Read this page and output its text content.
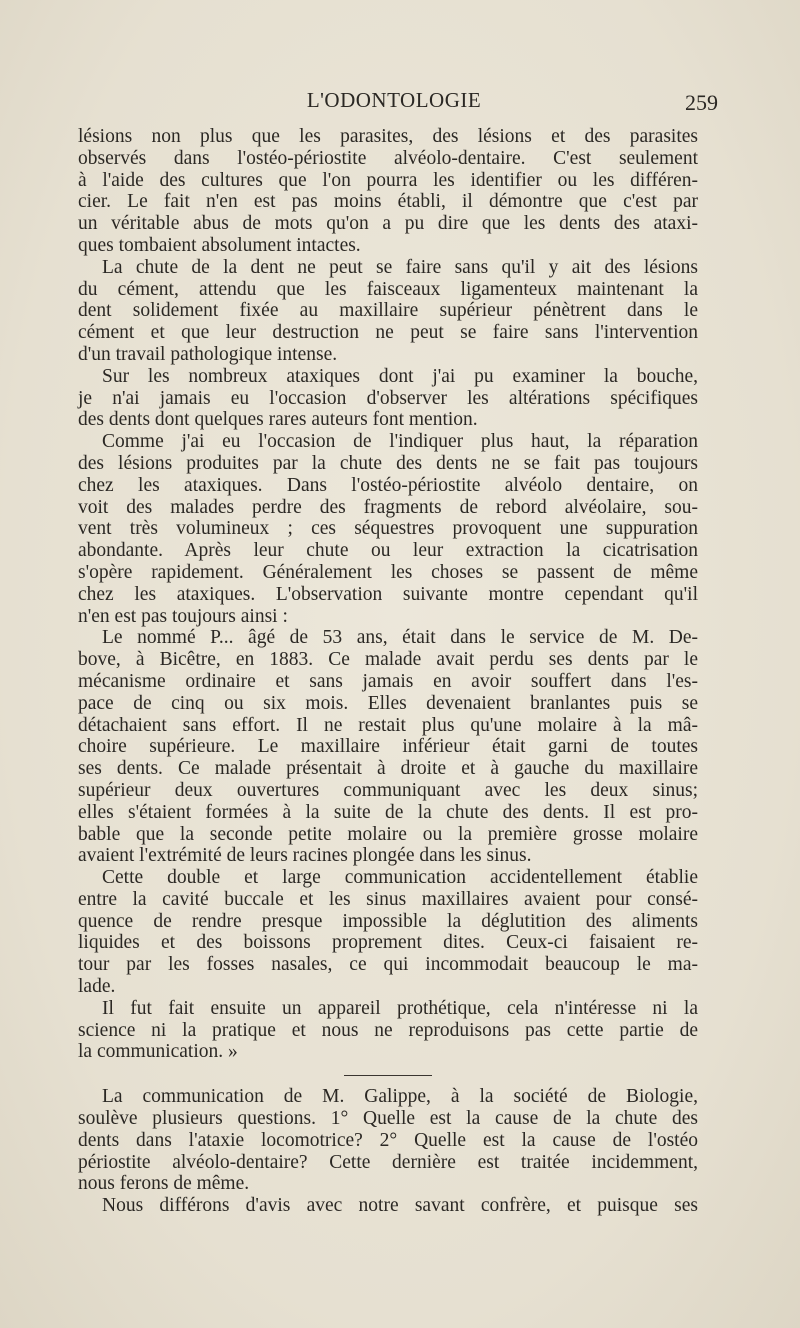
L'ODONTOLOGIE	259
lésions non plus que les parasites, des lésions et des parasites
observés dans l'ostéo-périostite alvéolo-dentaire. C'est seulement
à l'aide des cultures que l'on pourra les identifier ou les différen-
cier. Le fait n'en est pas moins établi, il démontre que c'est par
un véritable abus de mots qu'on a pu dire que les dents des ataxi-
ques tombaient absolument intactes.
La chute de la dent ne peut se faire sans qu'il y ait des lésions
du cément, attendu que les faisceaux ligamenteux maintenant la
dent solidement fixée au maxillaire supérieur pénètrent dans le
cément et que leur destruction ne peut se faire sans l'intervention
d'un travail pathologique intense.
Sur les nombreux ataxiques dont j'ai pu examiner la bouche,
je n'ai jamais eu l'occasion d'observer les altérations spécifiques
des dents dont quelques rares auteurs font mention.
Comme j'ai eu l'occasion de l'indiquer plus haut, la réparation
des lésions produites par la chute des dents ne se fait pas toujours
chez les ataxiques. Dans l'ostéo-périostite alvéolo dentaire, on
voit des malades perdre des fragments de rebord alvéolaire, sou-
vent très volumineux ; ces séquestres provoquent une suppuration
abondante. Après leur chute ou leur extraction la cicatrisation
s'opère rapidement. Généralement les choses se passent de même
chez les ataxiques. L'observation suivante montre cependant qu'il
n'en est pas toujours ainsi :
Le nommé P... âgé de 53 ans, était dans le service de M. De-
bove, à Bicêtre, en 1883. Ce malade avait perdu ses dents par le
mécanisme ordinaire et sans jamais en avoir souffert dans l'es-
pace de cinq ou six mois. Elles devenaient branlantes puis se
détachaient sans effort. Il ne restait plus qu'une molaire à la mâ-
choire supérieure. Le maxillaire inférieur était garni de toutes
ses dents. Ce malade présentait à droite et à gauche du maxillaire
supérieur deux ouvertures communiquant avec les deux sinus;
elles s'étaient formées à la suite de la chute des dents. Il est pro-
bable que la seconde petite molaire ou la première grosse molaire
avaient l'extrémité de leurs racines plongée dans les sinus.
Cette double et large communication accidentellement établie
entre la cavité buccale et les sinus maxillaires avaient pour consé-
quence de rendre presque impossible la déglutition des aliments
liquides et des boissons proprement dites. Ceux-ci faisaient re-
tour par les fosses nasales, ce qui incommodait beaucoup le ma-
lade.
Il fut fait ensuite un appareil prothétique, cela n'intéresse ni la
science ni la pratique et nous ne reproduisons pas cette partie de
la communication. »
La communication de M. Galippe, à la société de Biologie,
soulève plusieurs questions. 1° Quelle est la cause de la chute des
dents dans l'ataxie locomotrice? 2° Quelle est la cause de l'ostéo
périostite alvéolo-dentaire? Cette dernière est traitée incidemment,
nous ferons de même.
Nous différons d'avis avec notre savant confrère, et puisque ses
